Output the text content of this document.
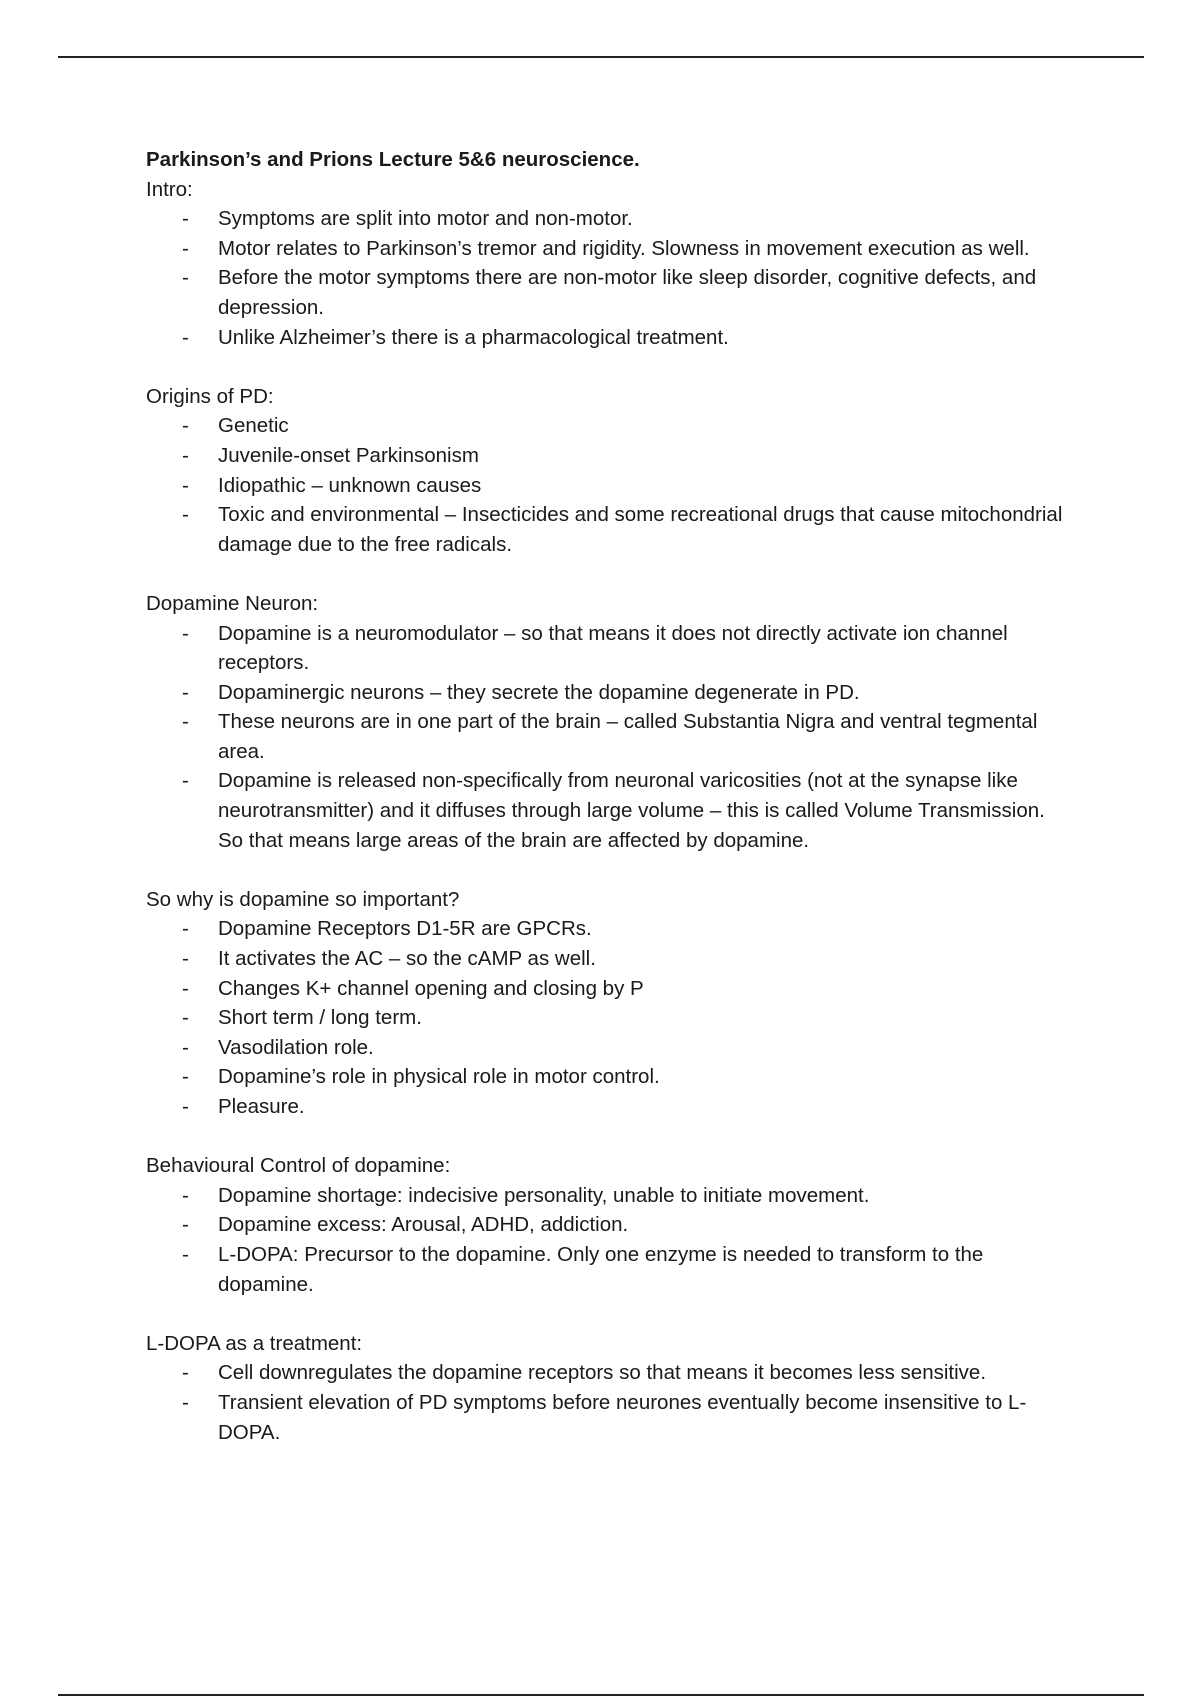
Parkinson’s and Prions Lecture 5&6 neuroscience.

Intro:

- Symptoms are split into motor and non-motor.
- Motor relates to Parkinson’s tremor and rigidity. Slowness in movement execution as well.
- Before the motor symptoms there are non-motor like sleep disorder, cognitive defects, and depression.
- Unlike Alzheimer’s there is a pharmacological treatment.

Origins of PD:

- Genetic
- Juvenile-onset Parkinsonism
- Idiopathic – unknown causes
- Toxic and environmental – Insecticides and some recreational drugs that cause mitochondrial damage due to the free radicals.

Dopamine Neuron:

- Dopamine is a neuromodulator – so that means it does not directly activate ion channel receptors.
- Dopaminergic neurons – they secrete the dopamine degenerate in PD.
- These neurons are in one part of the brain – called Substantia Nigra and ventral tegmental area.
- Dopamine is released non-specifically from neuronal varicosities (not at the synapse like neurotransmitter) and it diffuses through large volume – this is called Volume Transmission. So that means large areas of the brain are affected by dopamine.

So why is dopamine so important?

- Dopamine Receptors D1-5R are GPCRs.
- It activates the AC – so the cAMP as well.
- Changes K+ channel opening and closing by P
- Short term / long term.
- Vasodilation role.
- Dopamine’s role in physical role in motor control.
- Pleasure.

Behavioural Control of dopamine:

- Dopamine shortage: indecisive personality, unable to initiate movement.
- Dopamine excess: Arousal, ADHD, addiction.
- L-DOPA: Precursor to the dopamine. Only one enzyme is needed to transform to the dopamine.

L-DOPA as a treatment:

- Cell downregulates the dopamine receptors so that means it becomes less sensitive.
- Transient elevation of PD symptoms before neurones eventually become insensitive to L-DOPA.
